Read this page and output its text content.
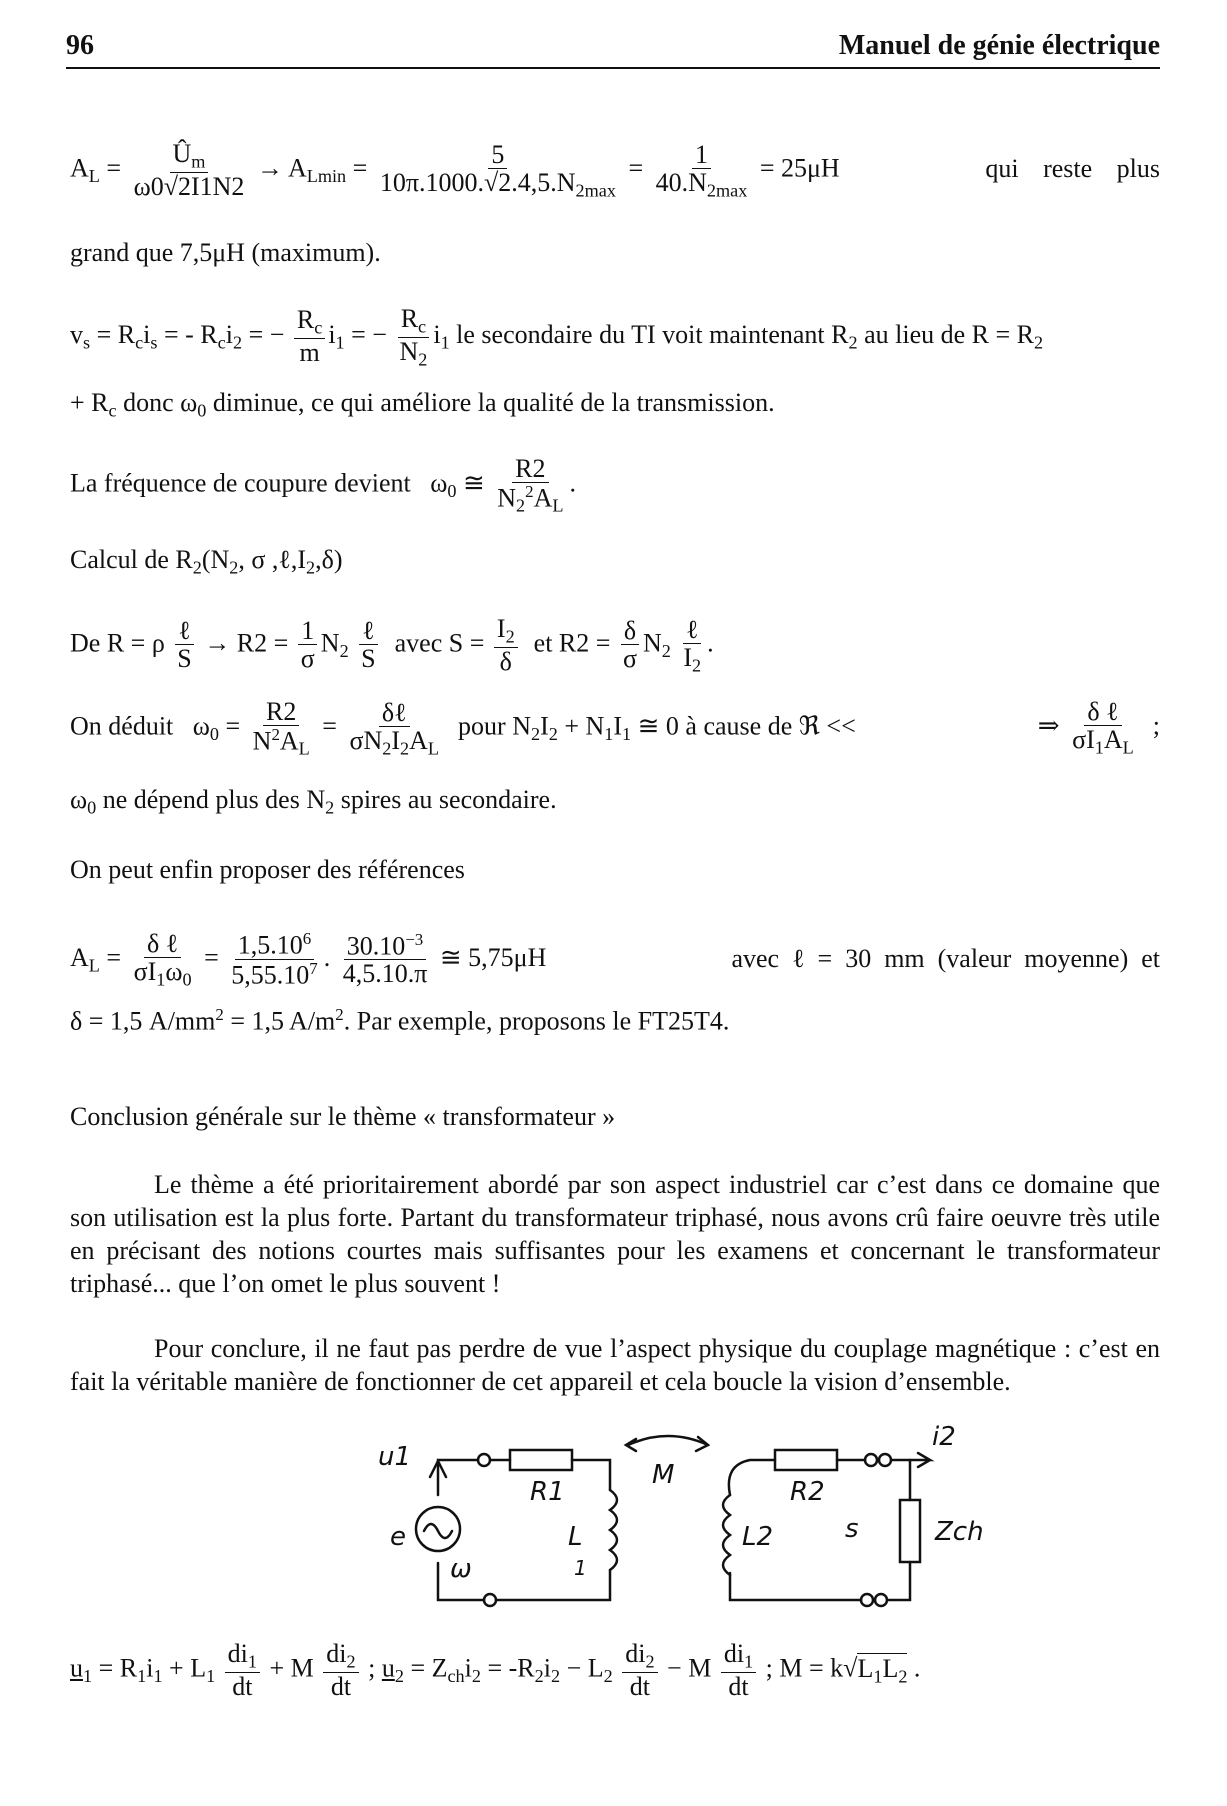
96	Manuel de génie électrique
$A_L = \frac{Û_m}{\omega 0√2I1N2} \to A_{Lmin} = \frac{5}{10\pi.1000.√2.4,5.N_{2max}} = \frac{1}{40.N_{2max}} = 25\mu H$	qui reste plus
grand que 7,5μH (maximum).
$v_s = R_ci_s$ = - $R_ci_2$ = − $\frac{R_c}{m} i_1$ = − $\frac{R_c}{N_2} i_1$ le secondaire du TI voit maintenant $R_2$ au lieu de $R = R_2$
+ $R_c$ donc $\omega_0$ diminue, ce qui améliore la qualité de la transmission.
La fréquence de coupure devient $\omega_0$ ≅ $\frac{R2}{N_2^2A_L}$ .
Calcul de $R_2(N_2$, σ $,\ell,I_2,\delta$)
De R = ρ $\frac{\text{ℓ}}{S} \to R2 = \frac{1}{\sigma} N_2 \frac{\text{ℓ}}{S}$ avec $S = \frac{I_2}{\delta}$ et $R2 = \frac{\delta}{\sigma} N_2 \frac{\text{ℓ}}{I_2}$ .
On déduit $\omega_0 = \frac{R2}{N^2A_L} = \frac{\text{δℓ}}{\sigma N_2I_2A_L}$ pour $N_2I_2 + N_1I_1$ ≅ 0 à cause de ℜ <<	⇒ $\frac{\text{δ ℓ}}{\sigma I_1A_L}$ ;
$\omega_0$ ne dépend plus des $N_2$ spires au secondaire.
On peut enfin proposer des références
$A_L = \frac{\text{δ ℓ}}{\sigma I_1\omega_0} = \frac{1,5.10^6}{5,55.10^7}$ . $\frac{30.10^{-3}}{4,5.10.\pi}$ ≅ 5,75μH	avec  ℓ  =  30  mm  (valeur  moyenne)  et
δ = 1,5 $A/mm^2 = 1,5$ $A/m^2$. Par exemple, proposons le FT25T4.
Conclusion générale sur le thème « transformateur »
Le thème a été prioritairement abordé par son aspect industriel car c’est dans ce domaine que son utilisation est la plus forte. Partant du transformateur triphasé, nous avons crû faire oeuvre très utile en précisant des notions courtes mais suffisantes pour les examens et concernant le transformateur triphasé... que l’on omet le plus souvent !
Pour conclure, il ne faut pas perdre de vue l’aspect physique du couplage magnétique : c’est en fait la véritable manière de fonctionner de cet appareil et cela boucle la vision d’ensemble.
u1
R1
M
R2
i2
e
ω
L
1
L2	s	Zch
$u_1 = R_1i_1 + L_1 \frac{di_1}{dt} + M \frac{di_2}{dt}$ ; $u_2 = Z_{ch}i_2 = -R_2i_2 - L_2 \frac{di_2}{dt} - M \frac{di_1}{dt}$ ; $M = k√L_1L_2$ .
